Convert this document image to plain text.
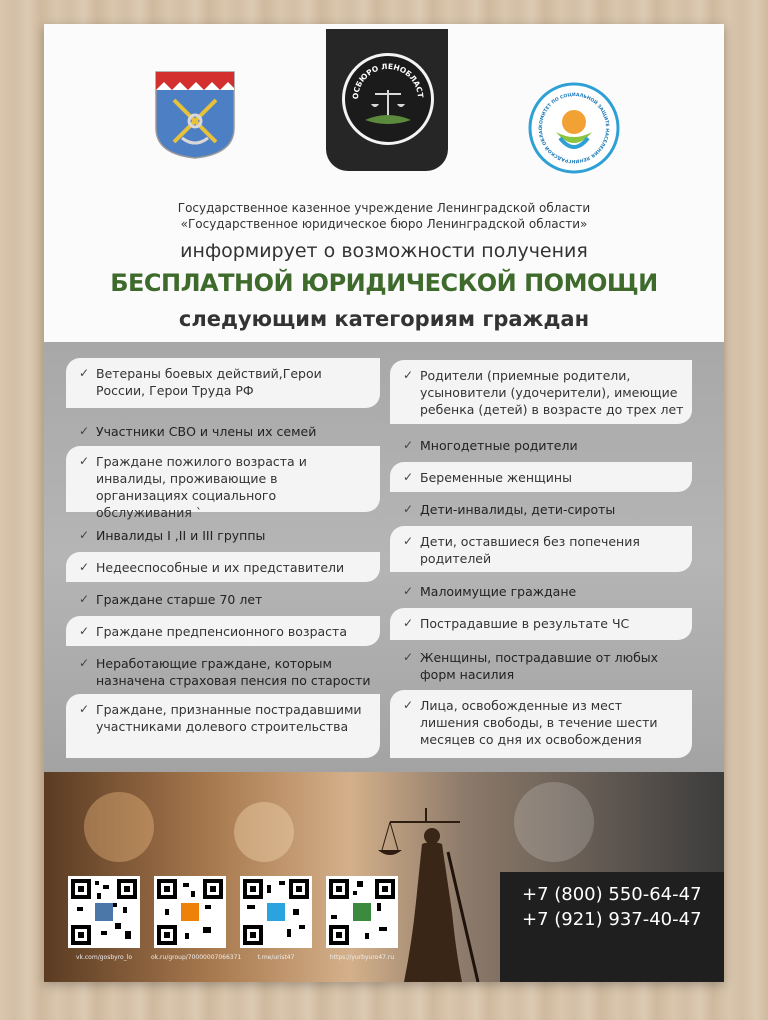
ОСБЮРО ЛЕНОБЛАСТ
КОМИТЕТ ПО СОЦИАЛЬНОЙ ЗАЩИТЕ НАСЕЛЕНИЯ ЛЕНИНГРАДСКОЙ ОБЛАС
Государственное казенное учреждение Ленинградской области
«Государственное юридическое бюро Ленинградской области»
информирует о возможности получения
БЕСПЛАТНОЙ ЮРИДИЧЕСКОЙ ПОМОЩИ
следующим категориям граждан
✓ Ветераны боевых действий,Герои России, Герои Труда РФ
✓ Участники СВО и члены их семей
✓ Граждане пожилого возраста и инвалиды, проживающие в организациях социального обслуживания `
✓ Инвалиды I ,II и III группы
✓ Недееспособные и их представители
✓ Граждане старше 70 лет
✓ Граждане предпенсионного возраста
✓ Неработающие граждане, которым назначена страховая пенсия по старости
✓ Граждане, признанные пострадавшими участниками долевого строительства
✓ Родители (приемные родители, усыновители (удочерители), имеющие ребенка (детей) в возрасте до трех лет
✓ Многодетные родители
✓ Беременные женщины
✓ Дети-инвалиды, дети-сироты
✓ Дети, оставшиеся без попечения родителей
✓ Малоимущие граждане
✓ Пострадавшие в результате ЧС
✓ Женщины, пострадавшие от любых форм насилия
✓ Лица, освобожденные из мест лишения свободы, в течение шести месяцев со дня их освобождения
vk.com/gosbyro_lo	ok.ru/group/70000007066371	t.me/urist47	https://yurbyuro47.ru
+7 (800) 550-64-47
+7 (921) 937-40-47
